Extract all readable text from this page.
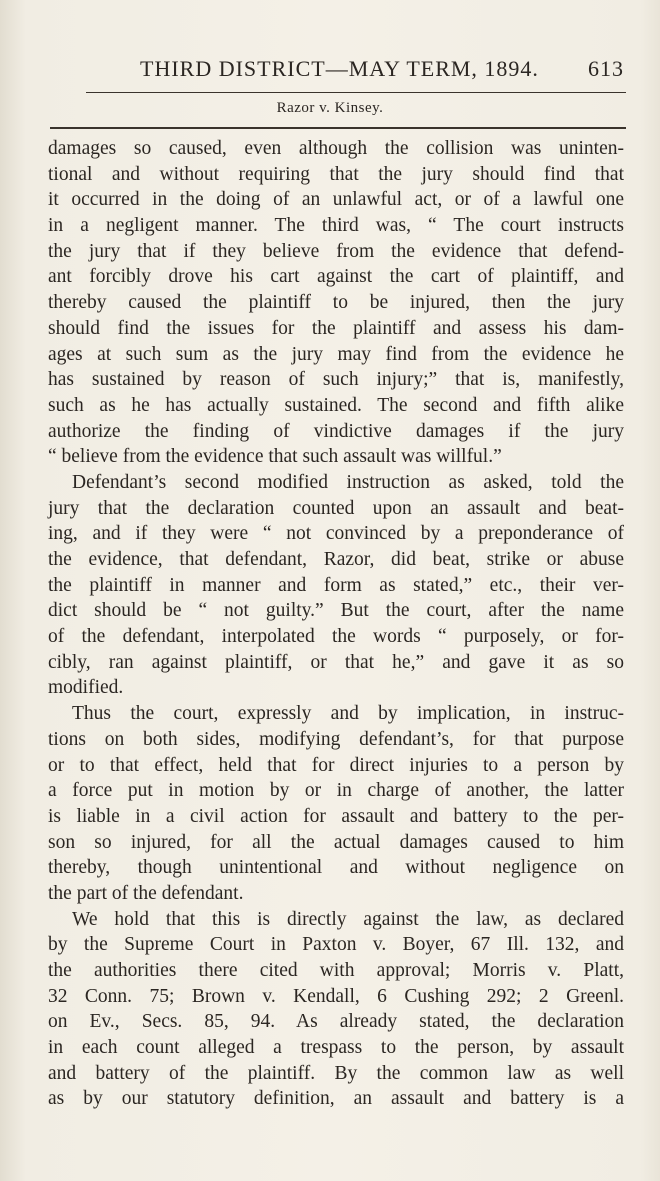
THIRD DISTRICT—MAY TERM, 1894. 613
Razor v. Kinsey.
damages so caused, even although the collision was uninten-
tional and without requiring that the jury should find that
it occurred in the doing of an unlawful act, or of a lawful one
in a negligent manner. The third was, “ The court instructs
the jury that if they believe from the evidence that defend-
ant forcibly drove his cart against the cart of plaintiff, and
thereby caused the plaintiff to be injured, then the jury
should find the issues for the plaintiff and assess his dam-
ages at such sum as the jury may find from the evidence he
has sustained by reason of such injury;” that is, manifestly,
such as he has actually sustained. The second and fifth alike
authorize the finding of vindictive damages if the jury
“ believe from the evidence that such assault was willful.”
Defendant’s second modified instruction as asked, told the
jury that the declaration counted upon an assault and beat-
ing, and if they were “ not convinced by a preponderance of
the evidence, that defendant, Razor, did beat, strike or abuse
the plaintiff in manner and form as stated,” etc., their ver-
dict should be “ not guilty.” But the court, after the name
of the defendant, interpolated the words “ purposely, or for-
cibly, ran against plaintiff, or that he,” and gave it as so
modified.
Thus the court, expressly and by implication, in instruc-
tions on both sides, modifying defendant’s, for that purpose
or to that effect, held that for direct injuries to a person by
a force put in motion by or in charge of another, the latter
is liable in a civil action for assault and battery to the per-
son so injured, for all the actual damages caused to him
thereby, though unintentional and without negligence on
the part of the defendant.
We hold that this is directly against the law, as declared
by the Supreme Court in Paxton v. Boyer, 67 Ill. 132, and
the authorities there cited with approval; Morris v. Platt,
32 Conn. 75; Brown v. Kendall, 6 Cushing 292; 2 Greenl.
on Ev., Secs. 85, 94. As already stated, the declaration
in each count alleged a trespass to the person, by assault
and battery of the plaintiff. By the common law as well
as by our statutory definition, an assault and battery is a
